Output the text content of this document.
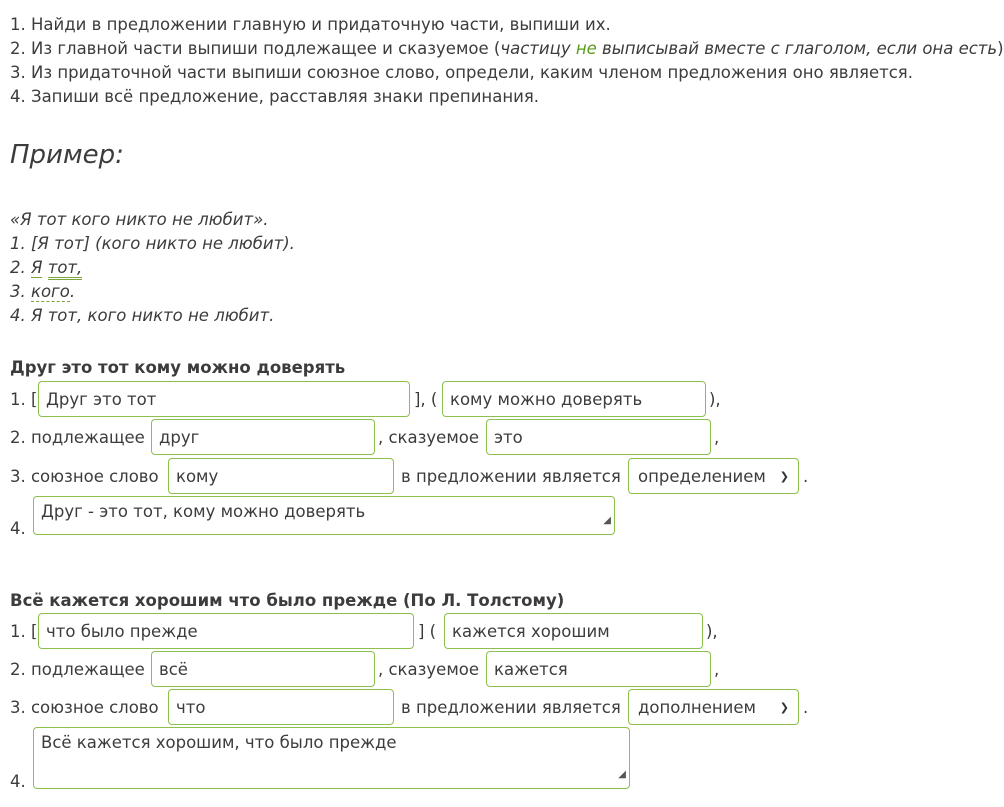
1. Найди в предложении главную и придаточную части, выпиши их.
2. Из главной части выпиши подлежащее и сказуемое (частицу не выписывай вместе с глаголом, если она есть)
3. Из придаточной части выпиши союзное слово, определи, каким членом предложения оно является.
4. Запиши всё предложение, расставляя знаки препинания.
Пример:
«Я тот кого никто не любит».
1. [Я тот] (кого никто не любит).
2. Я тот,
3. кого.
4. Я тот, кого никто не любит.
Друг это тот кому можно доверять
1. [
Друг это тот	], (
кому можно доверять	),
2. подлежащее
друг	, сказуемое
это	,
3. союзное слово
кому	в предложении является определением ❯ .
4.
Друг - это тот, кому можно доверять	◢
Всё кажется хорошим что было прежде (По Л. Толстому)
1. [
что было прежде	] (
кажется хорошим	),
2. подлежащее
всё	, сказуемое
кажется	,
3. союзное слово
что	в предложении является дополнением ❯ .
4.
Всё кажется хорошим, что было прежде
◢
